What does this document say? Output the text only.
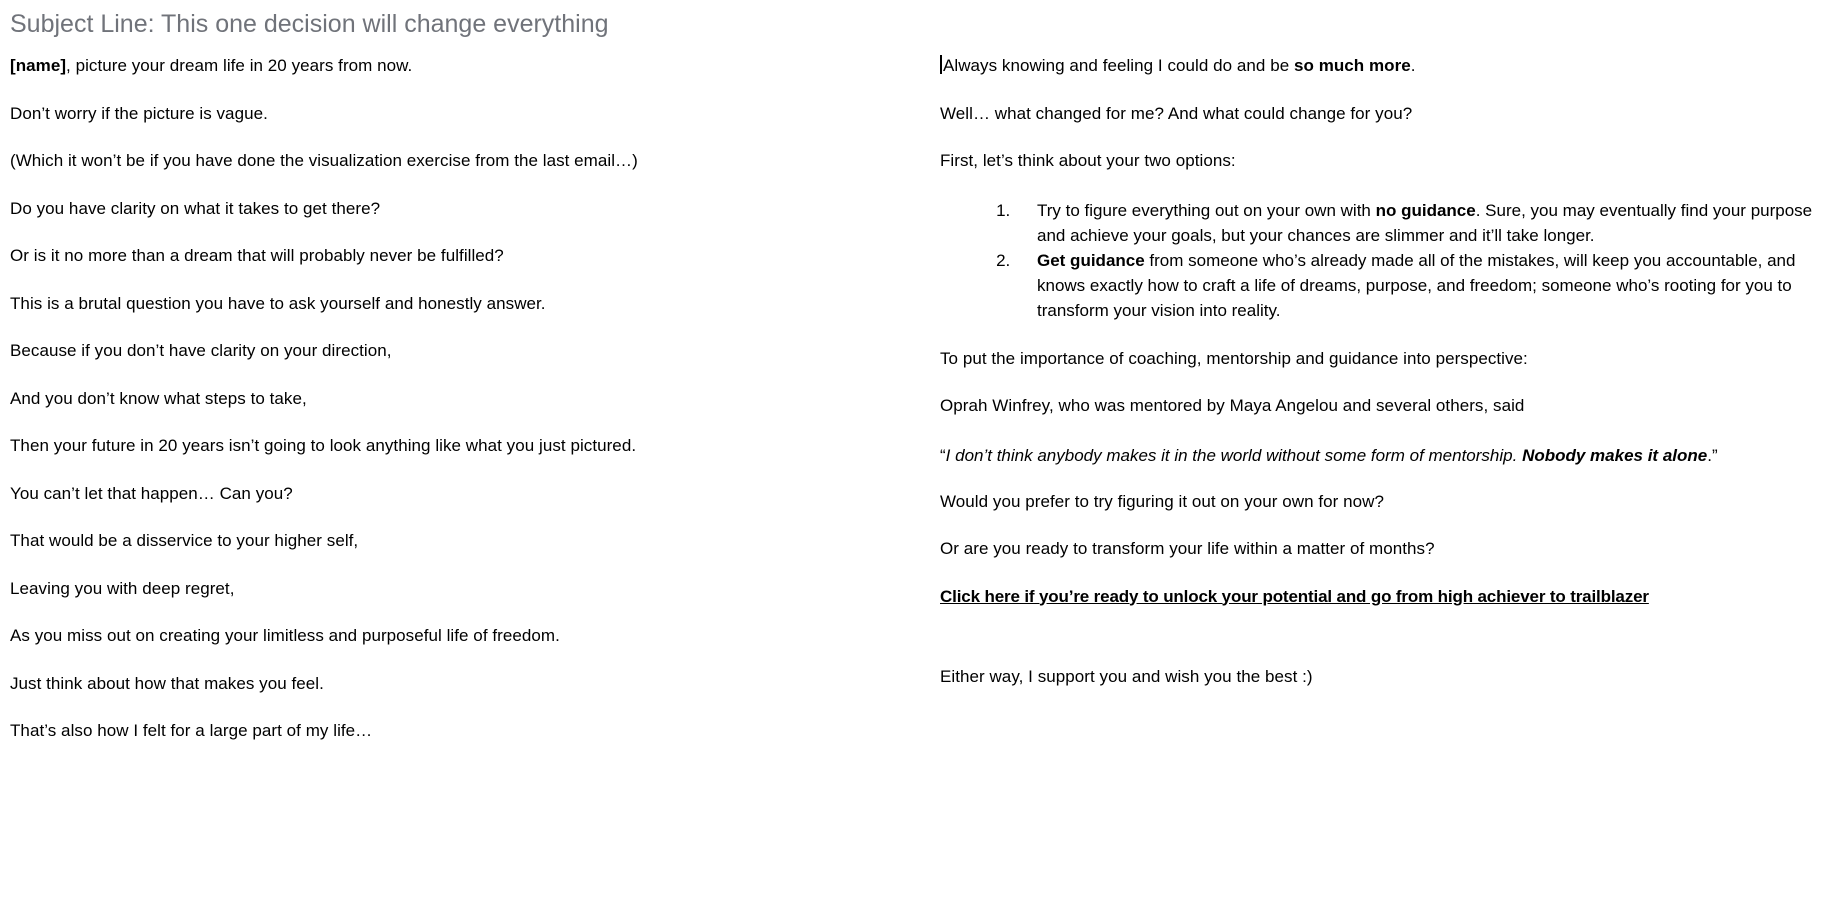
Subject Line: This one decision will change everything

[name], picture your dream life in 20 years from now.

Don’t worry if the picture is vague.

(Which it won’t be if you have done the visualization exercise from the last email…)

Do you have clarity on what it takes to get there?

Or is it no more than a dream that will probably never be fulfilled?

This is a brutal question you have to ask yourself and honestly answer.

Because if you don’t have clarity on your direction,

And you don’t know what steps to take,

Then your future in 20 years isn’t going to look anything like what you just pictured.

You can’t let that happen… Can you?

That would be a disservice to your higher self,

Leaving you with deep regret,

As you miss out on creating your limitless and purposeful life of freedom.

Just think about how that makes you feel.

That’s also how I felt for a large part of my life…

Always knowing and feeling I could do and be so much more.

Well… what changed for me? And what could change for you?

First, let’s think about your two options:

1. Try to figure everything out on your own with no guidance. Sure, you may eventually find your purpose and achieve your goals, but your chances are slimmer and it’ll take longer.
2. Get guidance from someone who’s already made all of the mistakes, will keep you accountable, and knows exactly how to craft a life of dreams, purpose, and freedom; someone who’s rooting for you to transform your vision into reality.

To put the importance of coaching, mentorship and guidance into perspective:

Oprah Winfrey, who was mentored by Maya Angelou and several others, said

“I don’t think anybody makes it in the world without some form of mentorship. Nobody makes it alone.”

Would you prefer to try figuring it out on your own for now?

Or are you ready to transform your life within a matter of months?

Click here if you’re ready to unlock your potential and go from high achiever to trailblazer

Either way, I support you and wish you the best :)
